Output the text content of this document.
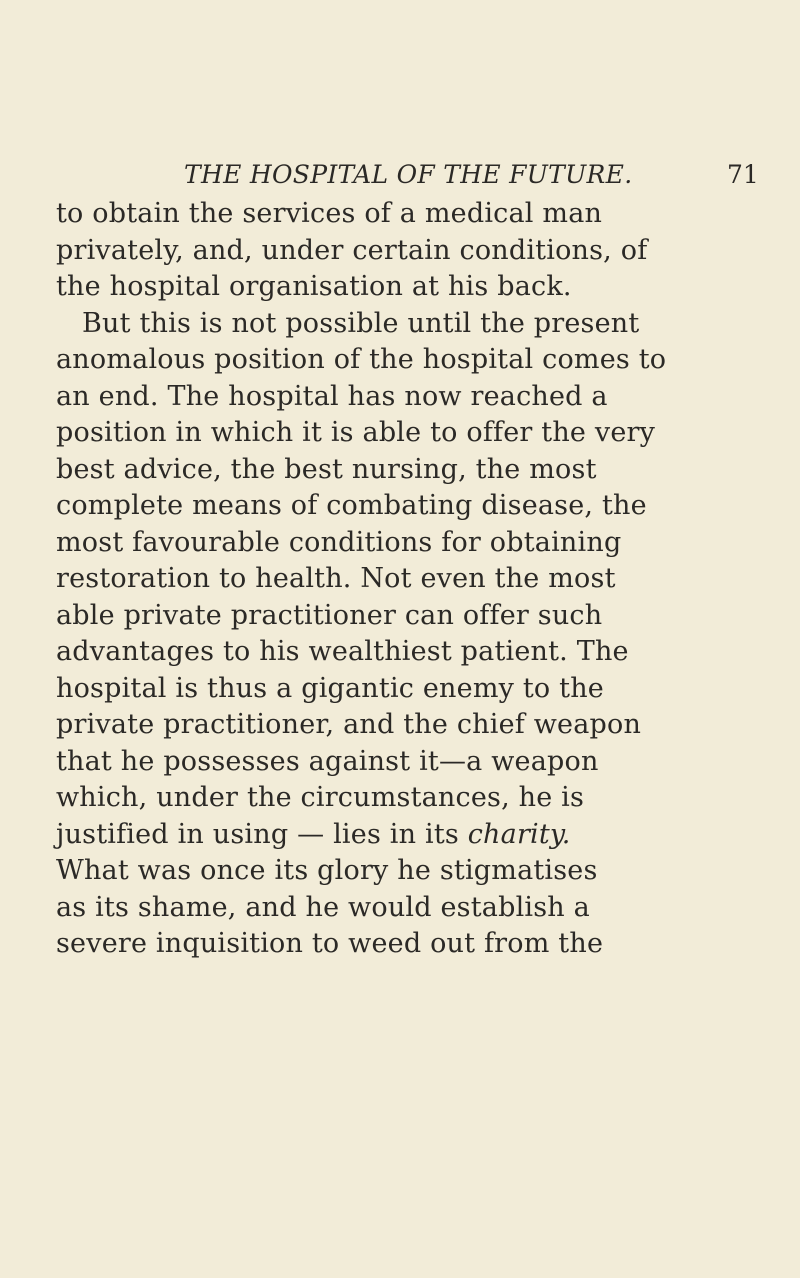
THE HOSPITAL OF THE FUTURE.	71
to obtain the services of a medical man
privately, and, under certain conditions, of
the hospital organisation at his back.
But this is not possible until the present
anomalous position of the hospital comes to
an end. The hospital has now reached a
position in which it is able to offer the very
best advice, the best nursing, the most
complete means of combating disease, the
most favourable conditions for obtaining
restoration to health. Not even the most
able private practitioner can offer such
advantages to his wealthiest patient. The
hospital is thus a gigantic enemy to the
private practitioner, and the chief weapon
that he possesses against it—a weapon
which, under the circumstances, he is
justified in using — lies in its charity.
What was once its glory he stigmatises
as its shame, and he would establish a
severe inquisition to weed out from the
